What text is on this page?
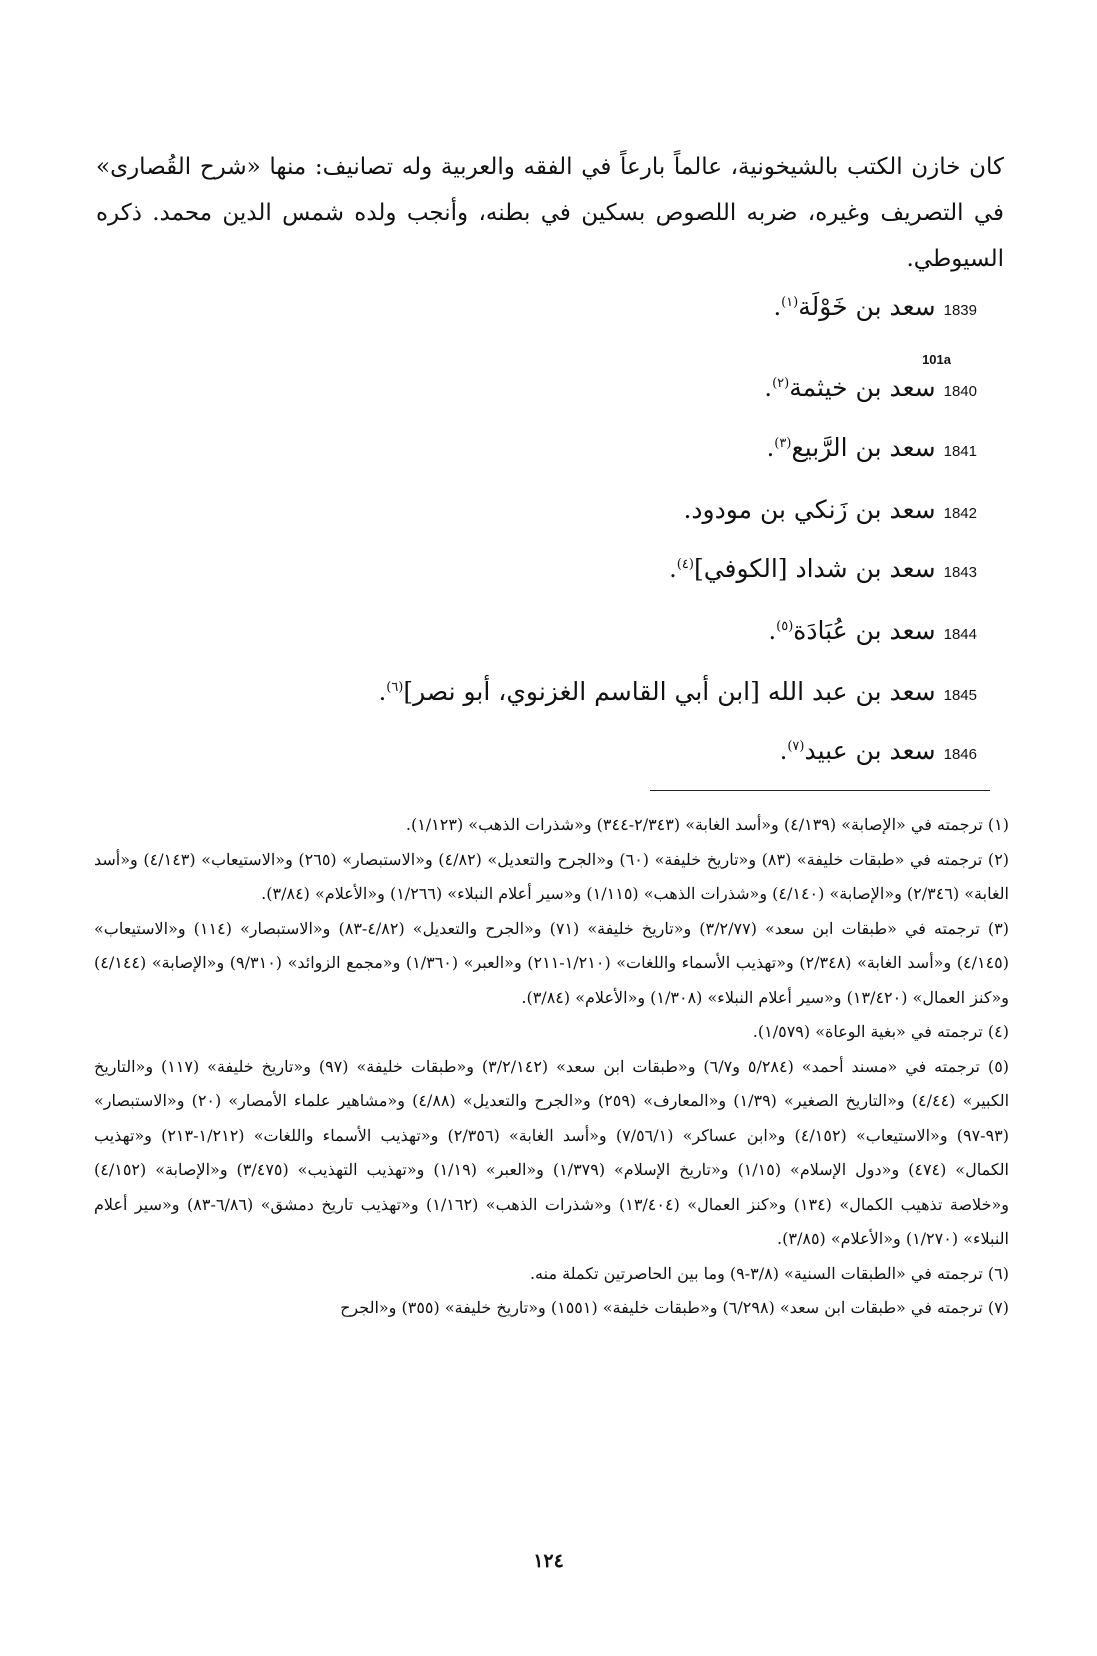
كان خازن الكتب بالشيخونية، عالماً بارعاً في الفقه والعربية وله تصانيف: منها «شرح القُصارى» في التصريف وغيره، ضربه اللصوص بسكين في بطنه، وأنجب ولده شمس الدين محمد. ذكره السيوطي.
1839سعد بن خَوْلَة$^{(١)}$.
101a
1840سعد بن خيثمة$^{(٢)}$.
1841سعد بن الرَّبيع$^{(٣)}$.
1842سعد بن زَنكي بن مودود.
1843سعد بن شداد [الكوفي]$^{(٤)}$.
1844سعد بن عُبَادَة$^{(٥)}$.
1845سعد بن عبد الله [ابن أبي القاسم الغزنوي، أبو نصر]$^{(٦)}$.
1846سعد بن عبيد$^{(٧)}$.
(١) ترجمته في «الإصابة» (٤/١٣٩) و«أسد الغابة» (٢/٣٤٣-٣٤٤) و«شذرات الذهب» (١/١٢٣).
(٢) ترجمته في «طبقات خليفة» (٨٣) و«تاريخ خليفة» (٦٠) و«الجرح والتعديل» (٤/٨٢) و«الاستبصار» (٢٦٥) و«الاستيعاب» (٤/١٤٣) و«أسد الغابة» (٢/٣٤٦) و«الإصابة» (٤/١٤٠) و«شذرات الذهب» (١/١١٥) و«سير أعلام النبلاء» (١/٢٦٦) و«الأعلام» (٣/٨٤).
(٣) ترجمته في «طبقات ابن سعد» (٣/٢/٧٧) و«تاريخ خليفة» (٧١) و«الجرح والتعديل» (٤/٨٢-٨٣) و«الاستبصار» (١١٤) و«الاستيعاب» (٤/١٤٥) و«أسد الغابة» (٢/٣٤٨) و«تهذيب الأسماء واللغات» (١/٢١٠-٢١١) و«العبر» (١/٣٦٠) و«مجمع الزوائد» (٩/٣١٠) و«الإصابة» (٤/١٤٤) و«كنز العمال» (١٣/٤٢٠) و«سير أعلام النبلاء» (١/٣٠٨) و«الأعلام» (٣/٨٤).
(٤) ترجمته في «بغية الوعاة» (١/٥٧٩).
(٥) ترجمته في «مسند أحمد» (٥/٢٨٤ و٦/٧) و«طبقات ابن سعد» (٣/٢/١٤٢) و«طبقات خليفة» (٩٧) و«تاريخ خليفة» (١١٧) و«التاريخ الكبير» (٤/٤٤) و«التاريخ الصغير» (١/٣٩) و«المعارف» (٢٥٩) و«الجرح والتعديل» (٤/٨٨) و«مشاهير علماء الأمصار» (٢٠) و«الاستبصار» (٩٣-٩٧) و«الاستيعاب» (٤/١٥٢) و«ابن عساكر» (٧/٥٦/١) و«أسد الغابة» (٢/٣٥٦) و«تهذيب الأسماء واللغات» (١/٢١٢-٢١٣) و«تهذيب الكمال» (٤٧٤) و«دول الإسلام» (١/١٥) و«تاريخ الإسلام» (١/٣٧٩) و«العبر» (١/١٩) و«تهذيب التهذيب» (٣/٤٧٥) و«الإصابة» (٤/١٥٢) و«خلاصة تذهيب الكمال» (١٣٤) و«كنز العمال» (١٣/٤٠٤) و«شذرات الذهب» (١/١٦٢) و«تهذيب تاريخ دمشق» (٦/٨٦-٨٣) و«سير أعلام النبلاء» (١/٢٧٠) و«الأعلام» (٣/٨٥).
(٦) ترجمته في «الطبقات السنية» (٣/٨-٩) وما بين الحاصرتين تكملة منه.
(٧) ترجمته في «طبقات ابن سعد» (٦/٢٩٨) و«طبقات خليفة» (١٥٥١) و«تاريخ خليفة» (٣٥٥) و«الجرح
١٢٤
